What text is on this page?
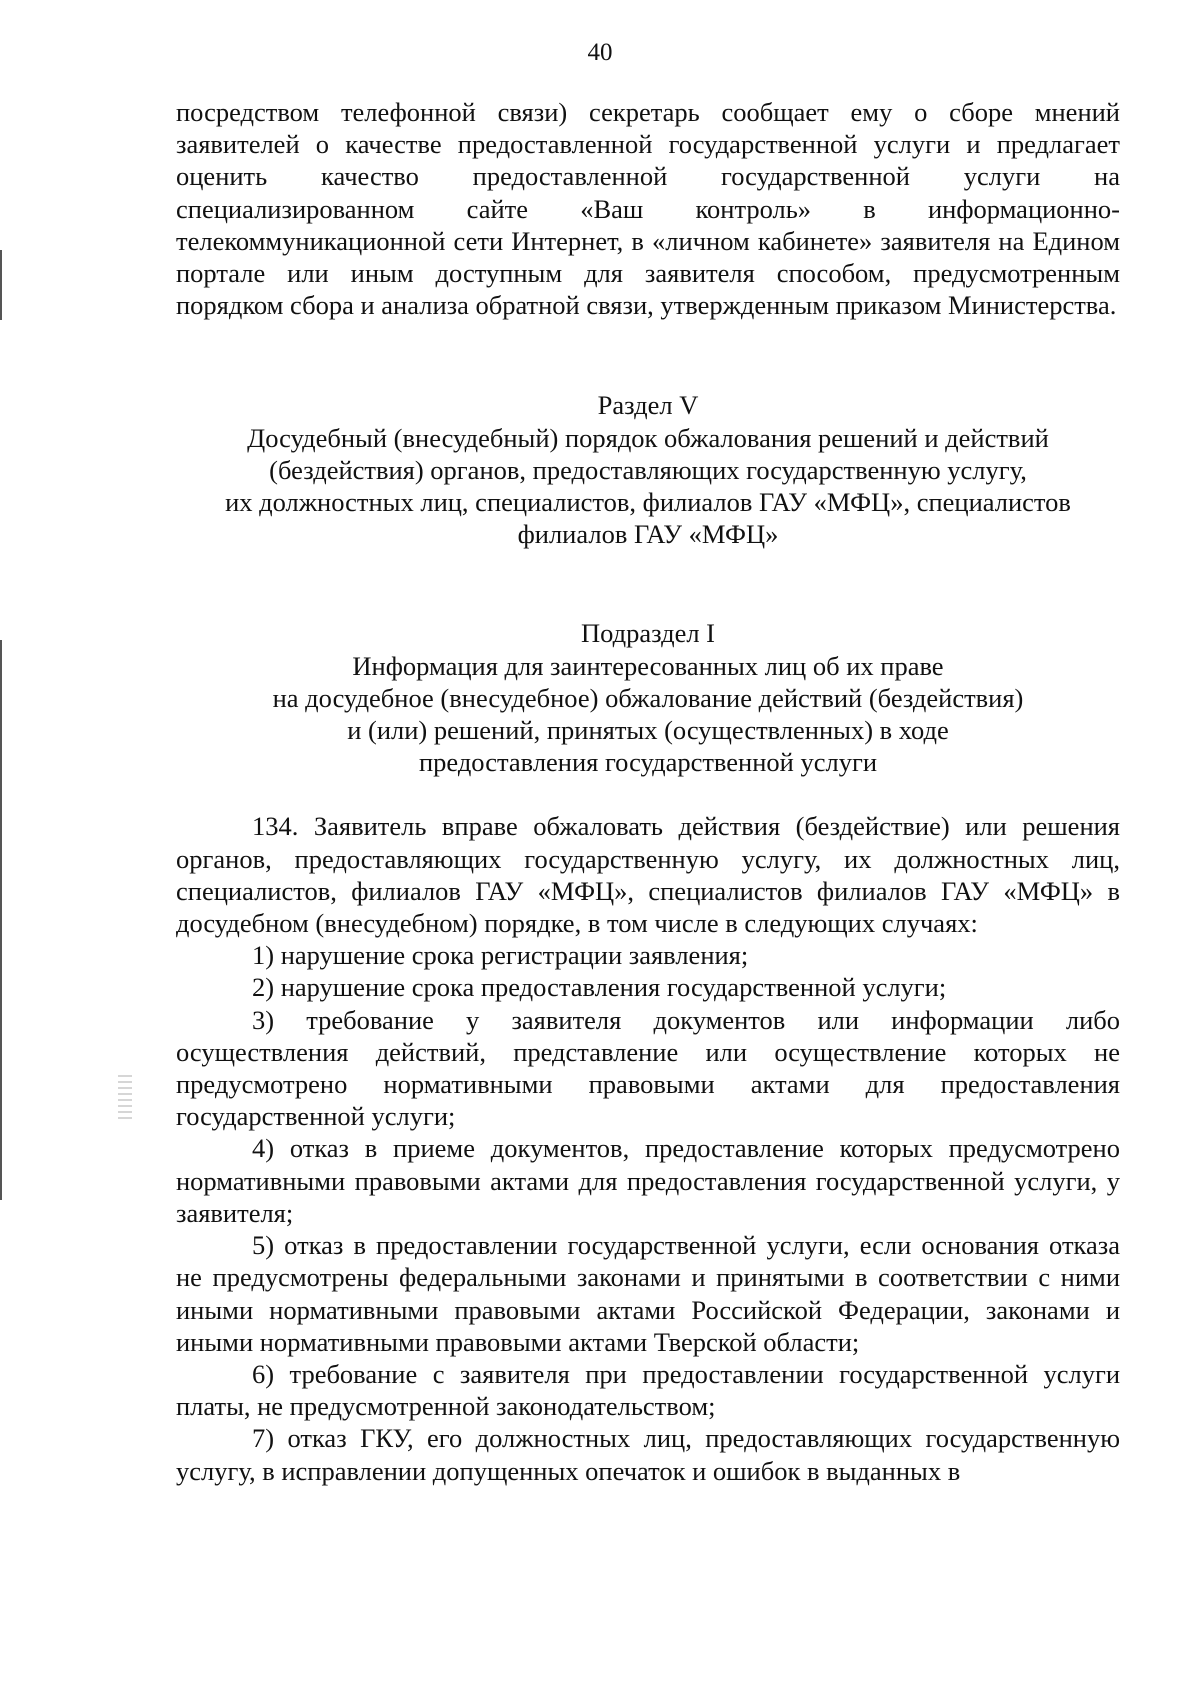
40

посредством телефонной связи) секретарь сообщает ему о сборе мнений заявителей о качестве предоставленной государственной услуги и предлагает оценить качество предоставленной государственной услуги на специализированном сайте «Ваш контроль» в информационно-телекоммуникационной сети Интернет, в «личном кабинете» заявителя на Едином портале или иным доступным для заявителя способом, предусмотренным порядком сбора и анализа обратной связи, утвержденным приказом Министерства.

Раздел V
Досудебный (внесудебный) порядок обжалования решений и действий
(бездействия) органов, предоставляющих государственную услугу,
их должностных лиц, специалистов, филиалов ГАУ «МФЦ», специалистов
филиалов ГАУ «МФЦ»
Подраздел I
Информация для заинтересованных лиц об их праве
на досудебное (внесудебное) обжалование действий (бездействия)
и (или) решений, принятых (осуществленных) в ходе
предоставления государственной услуги

134. Заявитель вправе обжаловать действия (бездействие) или решения органов, предоставляющих государственную услугу, их должностных лиц, специалистов, филиалов ГАУ «МФЦ», специалистов филиалов ГАУ «МФЦ» в досудебном (внесудебном) порядке, в том числе в следующих случаях:

1) нарушение срока регистрации заявления;

2) нарушение срока предоставления государственной услуги;

3) требование у заявителя документов или информации либо осуществления действий, представление или осуществление которых не предусмотрено нормативными правовыми актами для предоставления государственной услуги;

4) отказ в приеме документов, предоставление которых предусмотрено нормативными правовыми актами для предоставления государственной услуги, у заявителя;

5) отказ в предоставлении государственной услуги, если основания отказа не предусмотрены федеральными законами и принятыми в соответствии с ними иными нормативными правовыми актами Российской Федерации, законами и иными нормативными правовыми актами Тверской области;

6) требование с заявителя при предоставлении государственной услуги платы, не предусмотренной законодательством;

7) отказ ГКУ, его должностных лиц, предоставляющих государственную услугу, в исправлении допущенных опечаток и ошибок в выданных в
